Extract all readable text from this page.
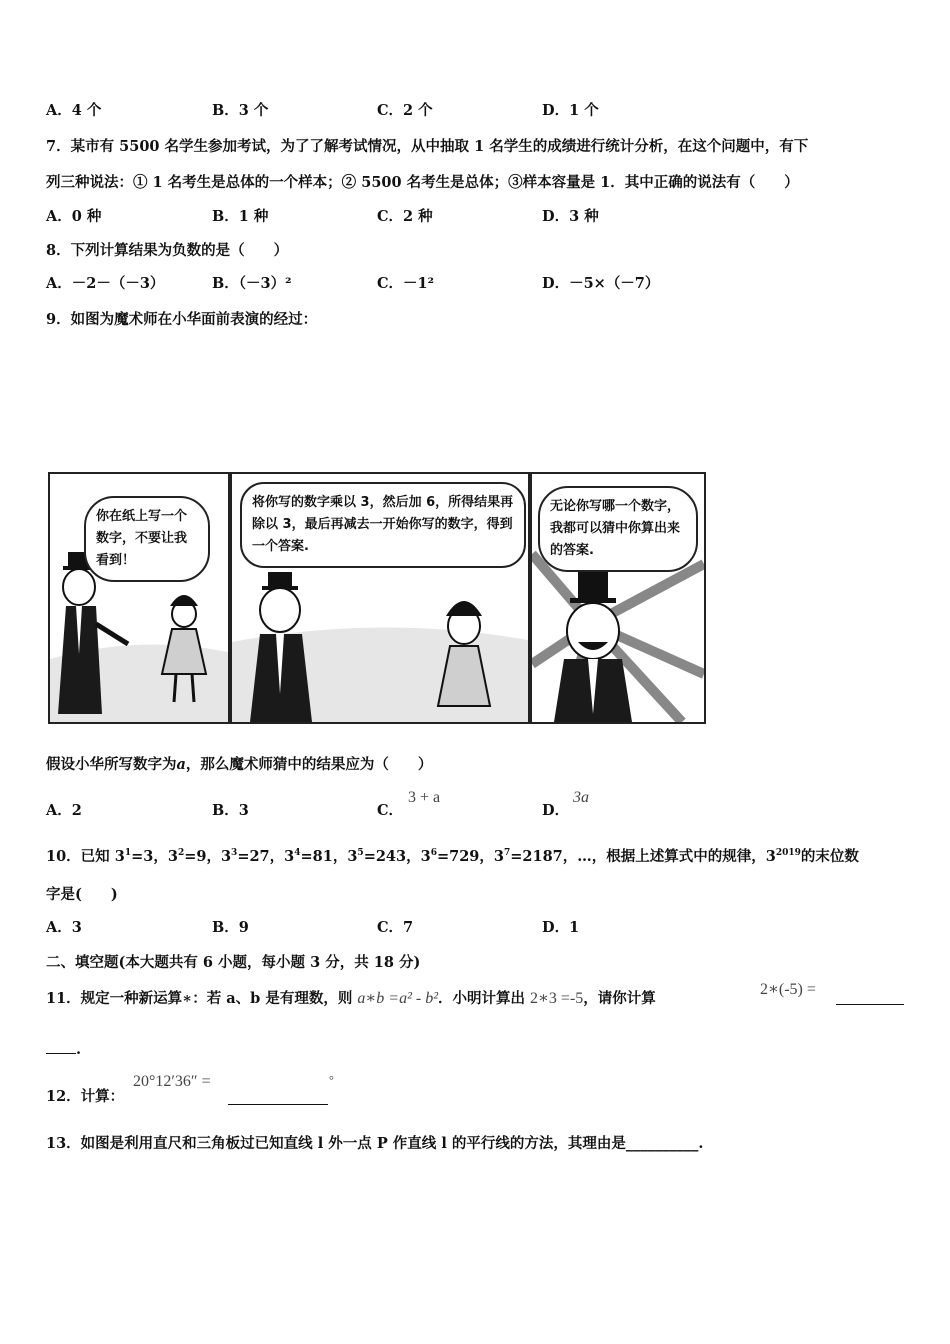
A．4 个	B．3 个	C．2 个	D．1 个
7．某市有 5500 名学生参加考试，为了了解考试情况，从中抽取 1 名学生的成绩进行统计分析，在这个问题中，有下
列三种说法：① 1 名考生是总体的一个样本；② 5500 名考生是总体；③样本容量是 1．其中正确的说法有（　　）
A．0 种	B．1 种	C．2 种	D．3 种
8．下列计算结果为负数的是（　　）
A．－2－（－3）	B．（－3）²	C．－1²	D．－5×（－7）
9．如图为魔术师在小华面前表演的经过：
你在纸上写一个数字，不要让我看到！
将你写的数字乘以 3，然后加 6，所得结果再除以 3，最后再减去一开始你写的数字，得到一个答案.
无论你写哪一个数字，我都可以猜中你算出来的答案.
假设小华所写数字为a，那么魔术师猜中的结果应为（　　）
A．2	B．3	C．
3 + a
D．
3a
10．已知 $3^1=3$，$3^2=9$，$3^3=27$，$3^4=81$，$3^5=243$，$3^6=729$，$3^7=2187$，…，根据上述算式中的规律，$3^{2019}$的末位数
字是(　　)
A．3	B．9	C．7	D．1
二、填空题(本大题共有 6 小题，每小题 3 分，共 18 分)
11．规定一种新运算∗：若 a、b 是有理数，则 a∗b =a² - b²．小明计算出 2∗3 =-5，请你计算
2∗(-5) =
.
12．计算：
20°12′36″ =	°
13．如图是利用直尺和三角板过已知直线 l 外一点 P 作直线 l 的平行线的方法，其理由是__________.
